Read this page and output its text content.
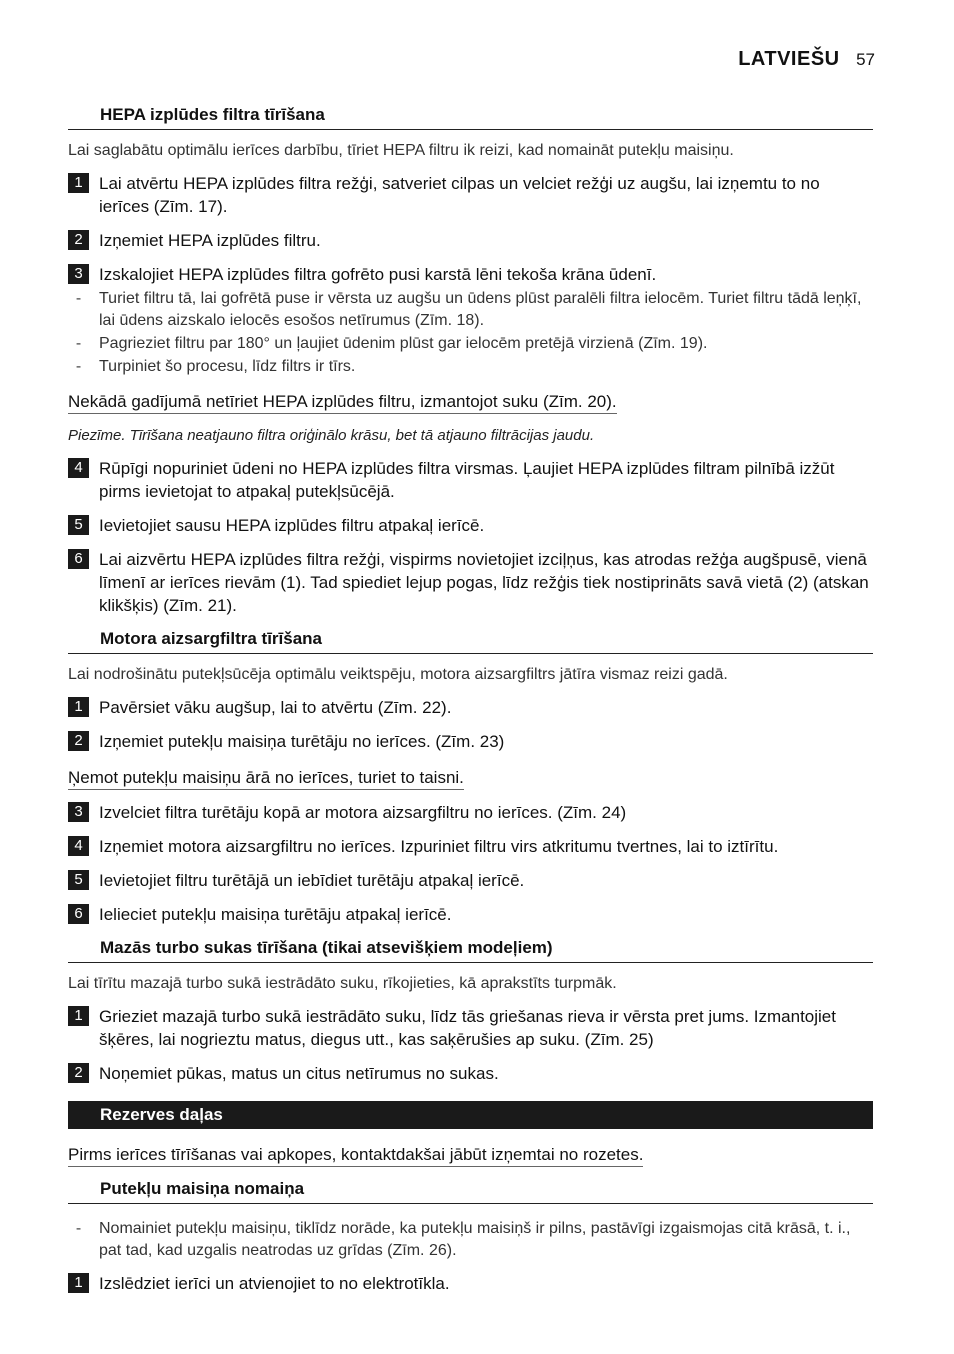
LATVIEŠU 57
HEPA izplūdes filtra tīrīšana
Lai saglabātu optimālu ierīces darbību, tīriet HEPA filtru ik reizi, kad nomaināt putekļu maisiņu.
1 Lai atvērtu HEPA izplūdes filtra režģi, satveriet cilpas un velciet režģi uz augšu, lai izņemtu to no ierīces (Zīm. 17).
2 Izņemiet HEPA izplūdes filtru.
3 Izskalojiet HEPA izplūdes filtra gofrēto pusi karstā lēni tekoša krāna ūdenī.
-	Turiet filtru tā, lai gofrētā puse ir vērsta uz augšu un ūdens plūst paralēli filtra ielocēm. Turiet filtru tādā leņķī, lai ūdens aizskalo ielocēs esošos netīrumus (Zīm. 18).
-	Pagrieziet filtru par 180° un ļaujiet ūdenim plūst gar ielocēm pretējā virzienā (Zīm. 19).
-	Turpiniet šo procesu, līdz filtrs ir tīrs.
Nekādā gadījumā netīriet HEPA izplūdes filtru, izmantojot suku (Zīm. 20).
Piezīme. Tīrīšana neatjauno filtra oriģinālo krāsu, bet tā atjauno filtrācijas jaudu.
4 Rūpīgi nopuriniet ūdeni no HEPA izplūdes filtra virsmas. Ļaujiet HEPA izplūdes filtram pilnībā izžūt pirms ievietojat to atpakaļ putekļsūcējā.
5 Ievietojiet sausu HEPA izplūdes filtru atpakaļ ierīcē.
6 Lai aizvērtu HEPA izplūdes filtra režģi, vispirms novietojiet izciļņus, kas atrodas režģa augšpusē, vienā līmenī ar ierīces rievām (1). Tad spiediet lejup pogas, līdz režģis tiek nostiprināts savā vietā (2) (atskan klikšķis) (Zīm. 21).
Motora aizsargfiltra tīrīšana
Lai nodrošinātu putekļsūcēja optimālu veiktspēju, motora aizsargfiltrs jātīra vismaz reizi gadā.
1 Pavērsiet vāku augšup, lai to atvērtu (Zīm. 22).
2 Izņemiet putekļu maisiņa turētāju no ierīces. (Zīm. 23)
Ņemot putekļu maisiņu ārā no ierīces, turiet to taisni.
3 Izvelciet filtra turētāju kopā ar motora aizsargfiltru no ierīces. (Zīm. 24)
4 Izņemiet motora aizsargfiltru no ierīces. Izpuriniet filtru virs atkritumu tvertnes, lai to iztīrītu.
5 Ievietojiet filtru turētājā un iebīdiet turētāju atpakaļ ierīcē.
6 Ielieciet putekļu maisiņa turētāju atpakaļ ierīcē.
Mazās turbo sukas tīrīšana (tikai atsevišķiem modeļiem)
Lai tīrītu mazajā turbo sukā iestrādāto suku, rīkojieties, kā aprakstīts turpmāk.
1 Grieziet mazajā turbo sukā iestrādāto suku, līdz tās griešanas rieva ir vērsta pret jums. Izmantojiet šķēres, lai nogrieztu matus, diegus utt., kas saķērušies ap suku. (Zīm. 25)
2 Noņemiet pūkas, matus un citus netīrumus no sukas.
Rezerves daļas
Pirms ierīces tīrīšanas vai apkopes, kontaktdakšai jābūt izņemtai no rozetes.
Putekļu maisiņa nomaiņa
-	Nomainiet putekļu maisiņu, tiklīdz norāde, ka putekļu maisiņš ir pilns, pastāvīgi izgaismojas citā krāsā, t. i., pat tad, kad uzgalis neatrodas uz grīdas (Zīm. 26).
1 Izslēdziet ierīci un atvienojiet to no elektrotīkla.
